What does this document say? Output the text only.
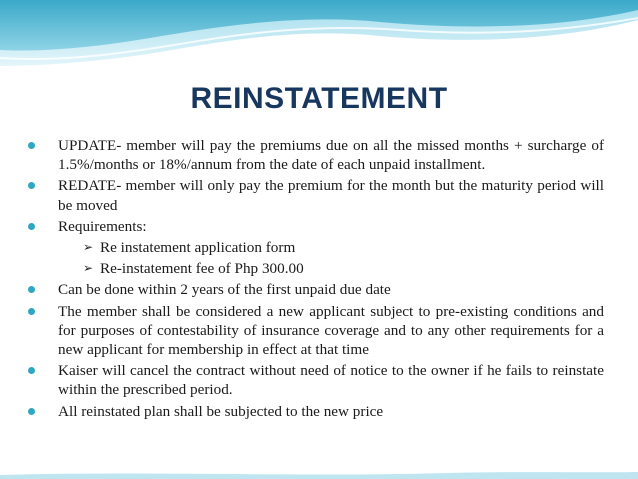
REINSTATEMENT
UPDATE- member will pay the premiums due on all the missed months + surcharge of 1.5%/months or 18%/annum from the date of each unpaid installment.
REDATE- member will only pay the premium for the month but the maturity period will be moved
Requirements:
➢ Re instatement application form
➢ Re-instatement fee of Php 300.00
Can be done within 2 years of the first unpaid due date
The member shall be considered a new applicant subject to pre-existing conditions and for purposes of contestability of insurance coverage and to any other requirements for a new applicant for membership in effect at that time
Kaiser will cancel the contract without need of notice to the owner if he fails to reinstate within the prescribed period.
All reinstated plan shall be subjected to the new price
